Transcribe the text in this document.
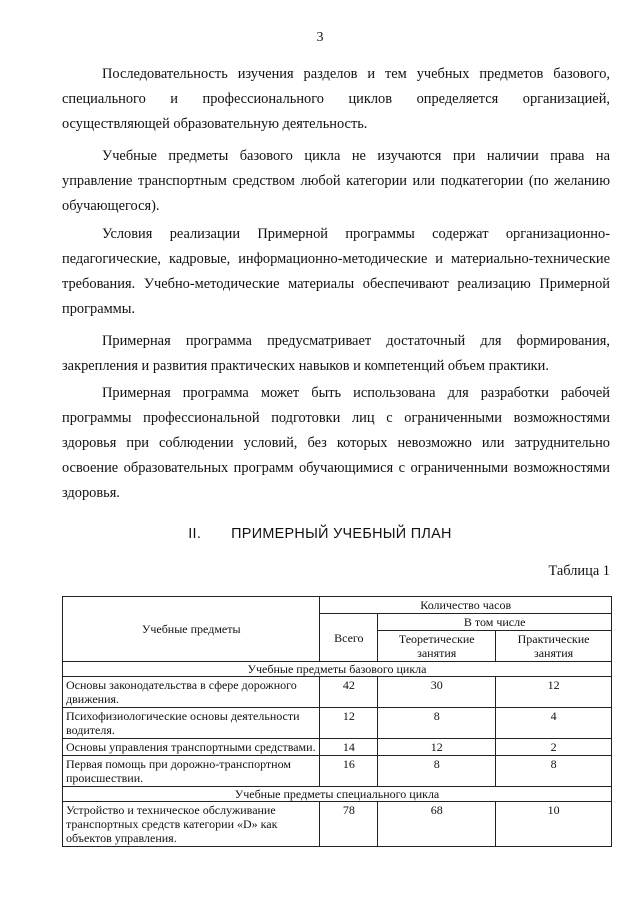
3

Последовательность изучения разделов и тем учебных предметов базового, специального и профессионального циклов определяется организацией, осуществляющей образовательную деятельность.

Учебные предметы базового цикла не изучаются при наличии права на управление транспортным средством любой категории или подкатегории (по желанию обучающегося).

Условия реализации Примерной программы содержат организационно-педагогические, кадровые, информационно-методические и материально-технические требования. Учебно-методические материалы обеспечивают реализацию Примерной программы.

Примерная программа предусматривает достаточный для формирования, закрепления и развития практических навыков и компетенций объем практики.

Примерная программа может быть использована для разработки рабочей программы профессиональной подготовки лиц с ограниченными возможностями здоровья при соблюдении условий, без которых невозможно или затруднительно освоение образовательных программ обучающимися с ограниченными возможностями здоровья.

II. ПРИМЕРНЫЙ УЧЕБНЫЙ ПЛАН
Таблица 1
Учебные предметы	Количество часов		
	Всего	В том числе	
		Теоретические занятия	Практические занятия
Учебные предметы базового цикла			
Основы законодательства в сфере дорожного движения.	42	30	12
Психофизиологические основы деятельности водителя.	12	8	4
Основы управления транспортными средствами.	14	12	2
Первая помощь при дорожно-транспортном происшествии.	16	8	8
Учебные предметы специального цикла			
Устройство и техническое обслуживание транспортных средств категории «D» как объектов управления.	78	68	10
